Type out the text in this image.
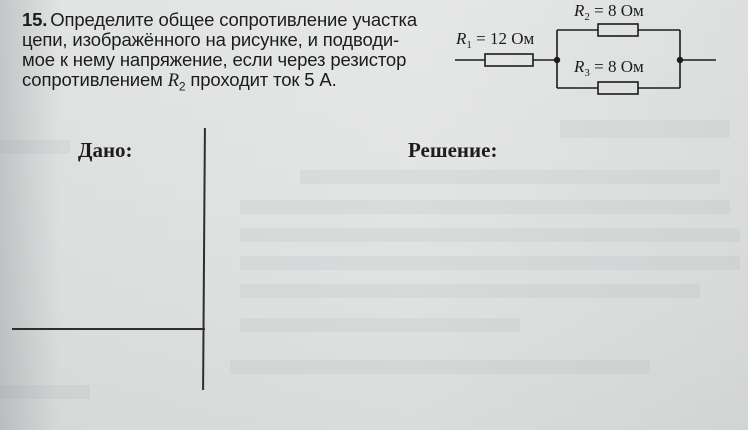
15. Определите общее сопротивление участка
цепи, изображённого на рисунке, и подводи-
мое к нему напряжение, если через резистор
сопротивлением $R_2$ проходит ток 5 А.
$R_1 = 12$ Ом
$R_2 = 8$ Ом
$R_3 = 8$ Ом
Дано:	Решение:
